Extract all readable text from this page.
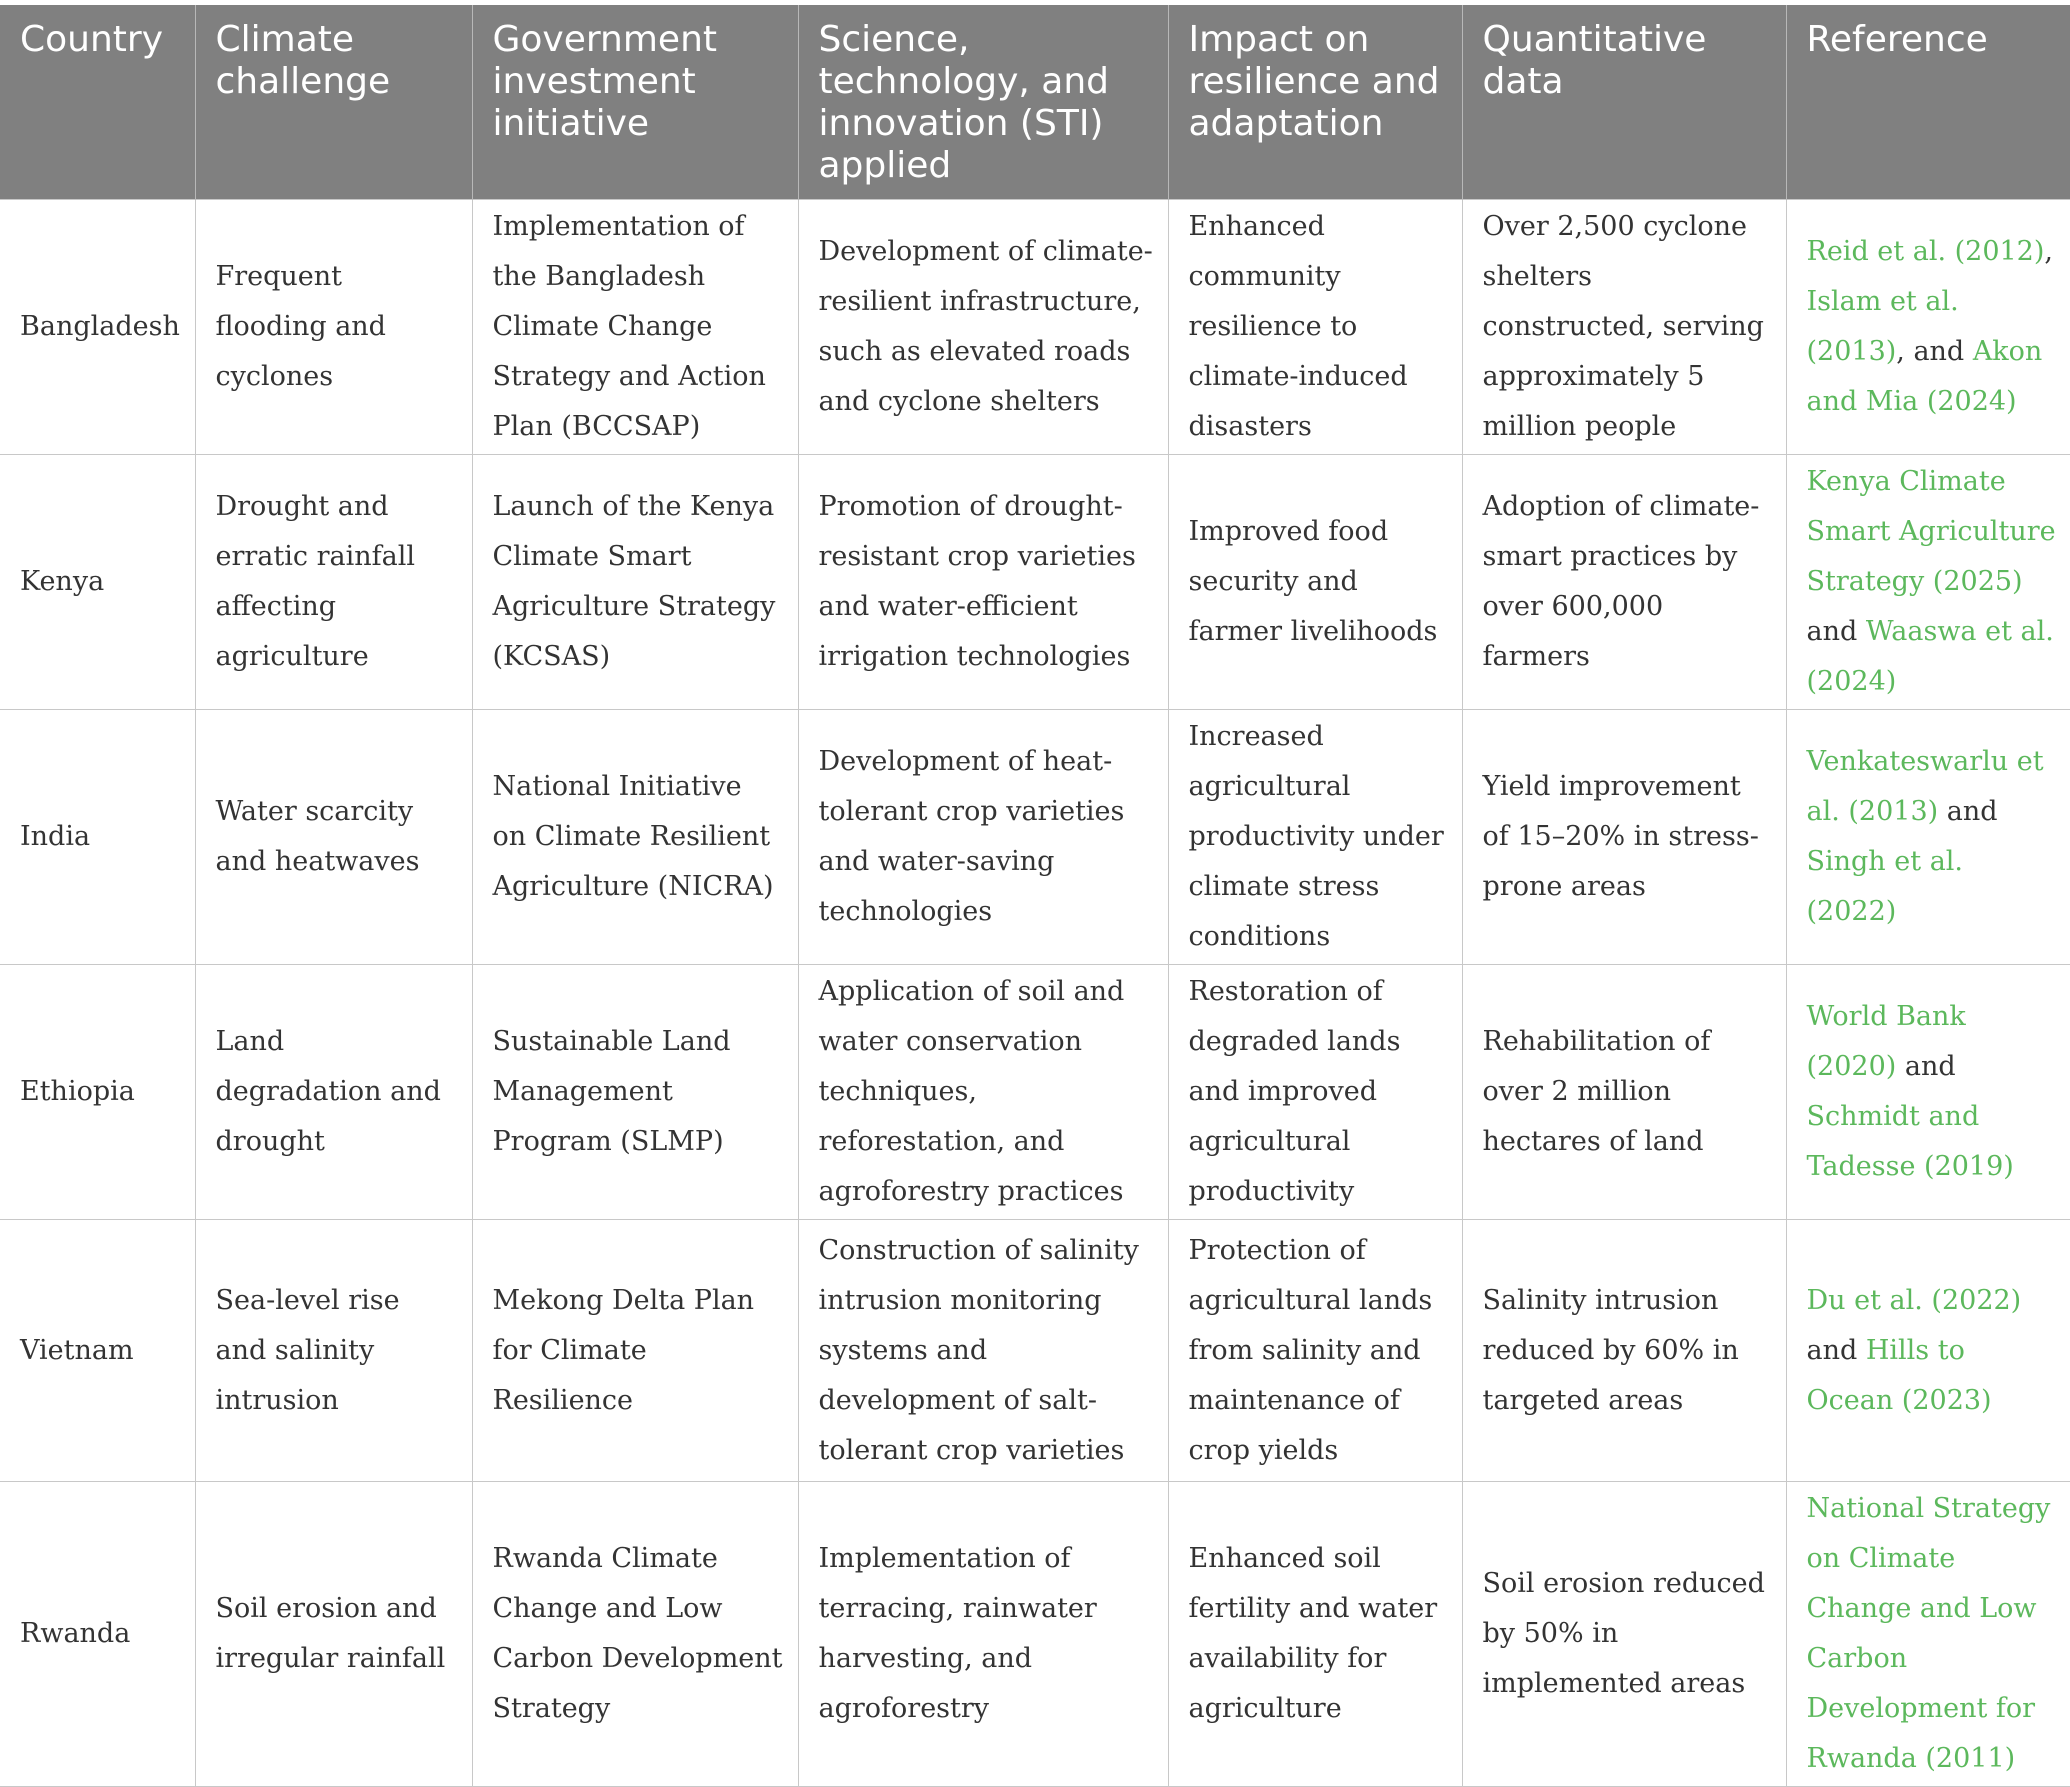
Country	Climate challenge	Government investment initiative	Science, technology, and innovation (STI) applied	Impact on resilience and adaptation	Quantitative data	Reference
Bangladesh	Frequent flooding and cyclones	Implementation of the Bangladesh Climate Change Strategy and Action Plan (BCCSAP)	Development of climate-resilient infrastructure, such as elevated roads and cyclone shelters	Enhanced community resilience to climate-induced disasters	Over 2,500 cyclone shelters constructed, serving approximately 5 million people	Reid et al. (2012), Islam et al. (2013), and Akon and Mia (2024)
Kenya	Drought and erratic rainfall affecting agriculture	Launch of the Kenya Climate Smart Agriculture Strategy (KCSAS)	Promotion of drought-resistant crop varieties and water-efficient irrigation technologies	Improved food security and farmer livelihoods	Adoption of climate-smart practices by over 600,000 farmers	Kenya Climate Smart Agriculture Strategy (2025) and Waaswa et al. (2024)
India	Water scarcity and heatwaves	National Initiative on Climate Resilient Agriculture (NICRA)	Development of heat-tolerant crop varieties and water-saving technologies	Increased agricultural productivity under climate stress conditions	Yield improvement of 15–20% in stress-prone areas	Venkateswarlu et al. (2013) and Singh et al. (2022)
Ethiopia	Land degradation and drought	Sustainable Land Management Program (SLMP)	Application of soil and water conservation techniques, reforestation, and agroforestry practices	Restoration of degraded lands and improved agricultural productivity	Rehabilitation of over 2 million hectares of land	World Bank (2020) and Schmidt and Tadesse (2019)
Vietnam	Sea-level rise and salinity intrusion	Mekong Delta Plan for Climate Resilience	Construction of salinity intrusion monitoring systems and development of salt-tolerant crop varieties	Protection of agricultural lands from salinity and maintenance of crop yields	Salinity intrusion reduced by 60% in targeted areas	Du et al. (2022) and Hills to Ocean (2023)
Rwanda	Soil erosion and irregular rainfall	Rwanda Climate Change and Low Carbon Development Strategy	Implementation of terracing, rainwater harvesting, and agroforestry	Enhanced soil fertility and water availability for agriculture	Soil erosion reduced by 50% in implemented areas	National Strategy on Climate Change and Low Carbon Development for Rwanda (2011)
